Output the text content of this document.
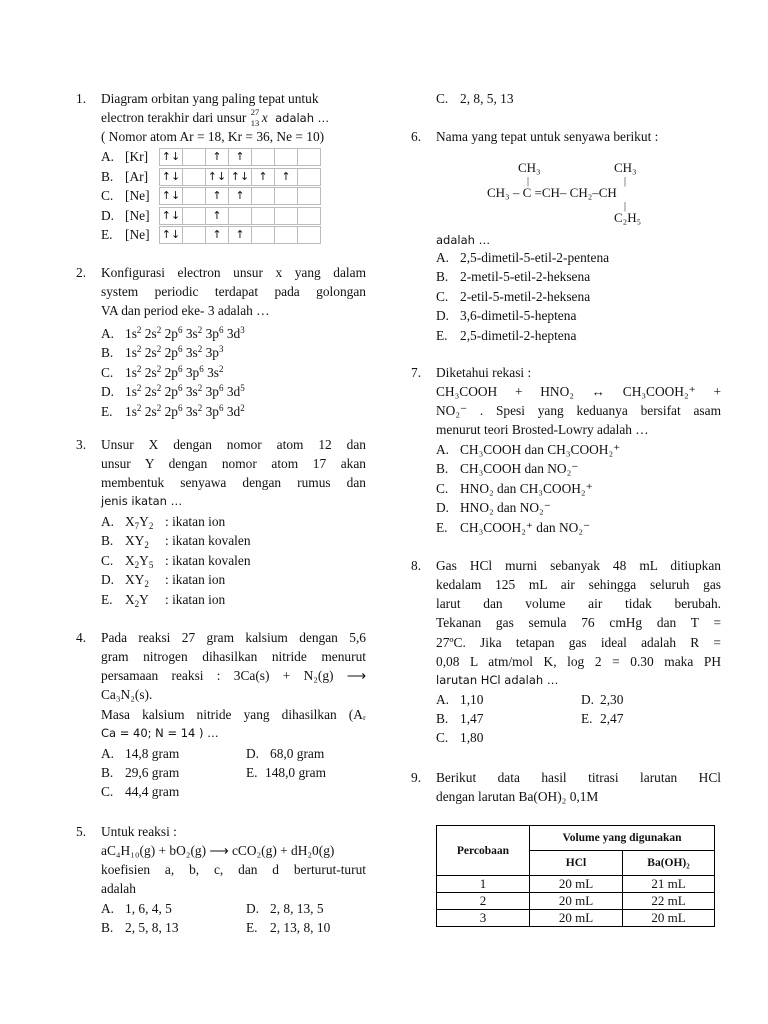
1. Diagram orbitan yang paling tepat untuk
electron terakhir dari unsur 27
13 x adalah …
( Nomor atom Ar = 18, Kr = 36, Ne = 10)
A. [Kr] ↑↓		↑	↑			
B. [Ar] ↑↓		↑↓	↑↓	↑	↑	
C. [Ne] ↑↓		↑	↑			
D. [Ne] ↑↓		↑				
E. [Ne] ↑↓		↑	↑			
2. Konfigurasi electron unsur x yang dalam
system periodic terdapat pada golongan
VA dan period eke- 3 adalah …
A. $1s^2$ $2s^2$ $2p^6$ $3s^2$ $3p^6$ $3d^3$
B. $1s^2$ $2s^2$ $2p^6$ $3s^2$ $3p^3$
C. $1s^2$ $2s^2$ $2p^6$ $3p^6$ $3s^2$
D. $1s^2$ $2s^2$ $2p^6$ $3s^2$ $3p^6$ $3d^5$
E. $1s^2$ $2s^2$ $2p^6$ $3s^2$ $3p^6$ $3d^2$
3. Unsur X dengan nomor atom 12 dan
unsur Y dengan nomor atom 17 akan
membentuk senyawa dengan rumus dan
jenis ikatan …
A. $X_7Y_2$ : ikatan ion
B. $XY_2$ : ikatan kovalen
C. $X_2Y_5$ : ikatan kovalen
D. $XY_2$ : ikatan ion
E. $X_2Y$ : ikatan ion
4. Pada reaksi 27 gram kalsium dengan 5,6
gram nitrogen dihasilkan nitride menurut
persamaan reaksi : 3Ca(s) + N₂(g) ⟶
Ca₃N₂(s).
Masa kalsium nitride yang dihasilkan (Aᵣ
Ca = 40; N = 14 ) …
A. 14,8 gram	D. 68,0 gram
B. 29,6 gram	E. 148,0 gram
C. 44,4 gram
5. Untuk reaksi :
aC₄H₁₀(g) + bO₂(g) ⟶ cCO₂(g) + dH₂0(g)
koefisien a, b, c, dan d berturut-turut
adalah
A. 1, 6, 4, 5	D. 2, 8, 13, 5
B. 2, 5, 8, 13	E. 2, 13, 8, 10
C. 2, 8, 5, 13
6. Nama yang tepat untuk senyawa berikut :
CH₃	CH₃
|	|
CH₃ – C =CH– CH₂–CH
|
C₂H₅
adalah …
A. 2,5-dimetil-5-etil-2-pentena
B. 2-metil-5-etil-2-heksena
C. 2-etil-5-metil-2-heksena
D. 3,6-dimetil-5-heptena
E. 2,5-dimetil-2-heptena
7. Diketahui rekasi :
CH₃COOH + HNO₂ ↔ CH₃COOH₂⁺ +
NO₂⁻ . Spesi yang keduanya bersifat asam
menurut teori Brosted-Lowry adalah …
A. CH₃COOH dan CH₃COOH₂⁺
B. CH₃COOH dan NO₂⁻
C. HNO₂ dan CH₃COOH₂⁺
D. HNO₂ dan NO₂⁻
E. CH₃COOH₂⁺ dan NO₂⁻
8. Gas HCl murni sebanyak 48 mL ditiupkan
kedalam 125 mL air sehingga seluruh gas
larut dan volume air tidak berubah.
Tekanan gas semula 76 cmHg dan T =
27ºC. Jika tetapan gas ideal adalah R =
0,08 L atm/mol K, log 2 = 0.30 maka PH
larutan HCl adalah …
A. 1,10	D. 2,30
B. 1,47	E. 2,47
C. 1,80
9. Berikut data hasil titrasi larutan HCl
dengan larutan Ba(OH)₂ 0,1M
Percobaan	Volume yang digunakan	
	HCl	Ba(OH)₂
1	20 mL	21 mL
2	20 mL	22 mL
3	20 mL	20 mL
